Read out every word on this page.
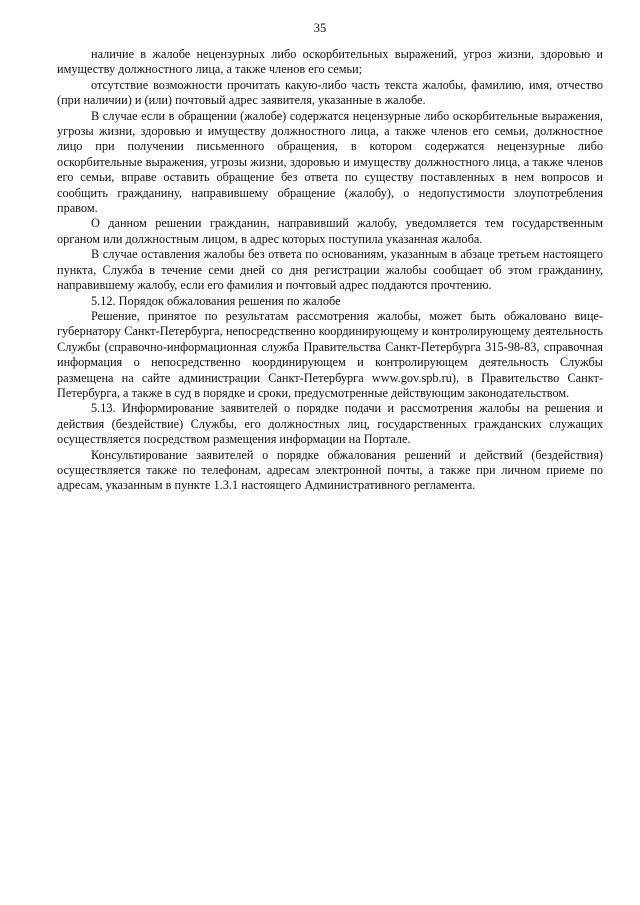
35

наличие в жалобе нецензурных либо оскорбительных выражений, угроз жизни, здоровью и имуществу должностного лица, а также членов его семьи;

отсутствие возможности прочитать какую-либо часть текста жалобы, фамилию, имя, отчество (при наличии) и (или) почтовый адрес заявителя, указанные в жалобе.

В случае если в обращении (жалобе) содержатся нецензурные либо оскорбительные выражения, угрозы жизни, здоровью и имуществу должностного лица, а также членов его семьи, должностное лицо при получении письменного обращения, в котором содержатся нецензурные либо оскорбительные выражения, угрозы жизни, здоровью и имуществу должностного лица, а также членов его семьи, вправе оставить обращение без ответа по существу поставленных в нем вопросов и сообщить гражданину, направившему обращение (жалобу), о недопустимости злоупотребления правом.

О данном решении гражданин, направивший жалобу, уведомляется тем государственным органом или должностным лицом, в адрес которых поступила указанная жалоба.

В случае оставления жалобы без ответа по основаниям, указанным в абзаце третьем настоящего пункта, Служба в течение семи дней со дня регистрации жалобы сообщает об этом гражданину, направившему жалобу, если его фамилия и почтовый адрес поддаются прочтению.

5.12. Порядок обжалования решения по жалобе

Решение, принятое по результатам рассмотрения жалобы, может быть обжаловано вице-губернатору Санкт-Петербурга, непосредственно координирующему и контролирующему деятельность Службы (справочно-информационная служба Правительства Санкт-Петербурга 315-98-83, справочная информация о непосредственно координирующем и контролирующем деятельность Службы размещена на сайте администрации Санкт-Петербурга www.gov.spb.ru), в Правительство Санкт-Петербурга, а также в суд в порядке и сроки, предусмотренные действующим законодательством.

5.13. Информирование заявителей о порядке подачи и рассмотрения жалобы на решения и действия (бездействие) Службы, его должностных лиц, государственных гражданских служащих осуществляется посредством размещения информации на Портале.

Консультирование заявителей о порядке обжалования решений и действий (бездействия) осуществляется также по телефонам, адресам электронной почты, а также при личном приеме по адресам, указанным в пункте 1.3.1 настоящего Административного регламента.
